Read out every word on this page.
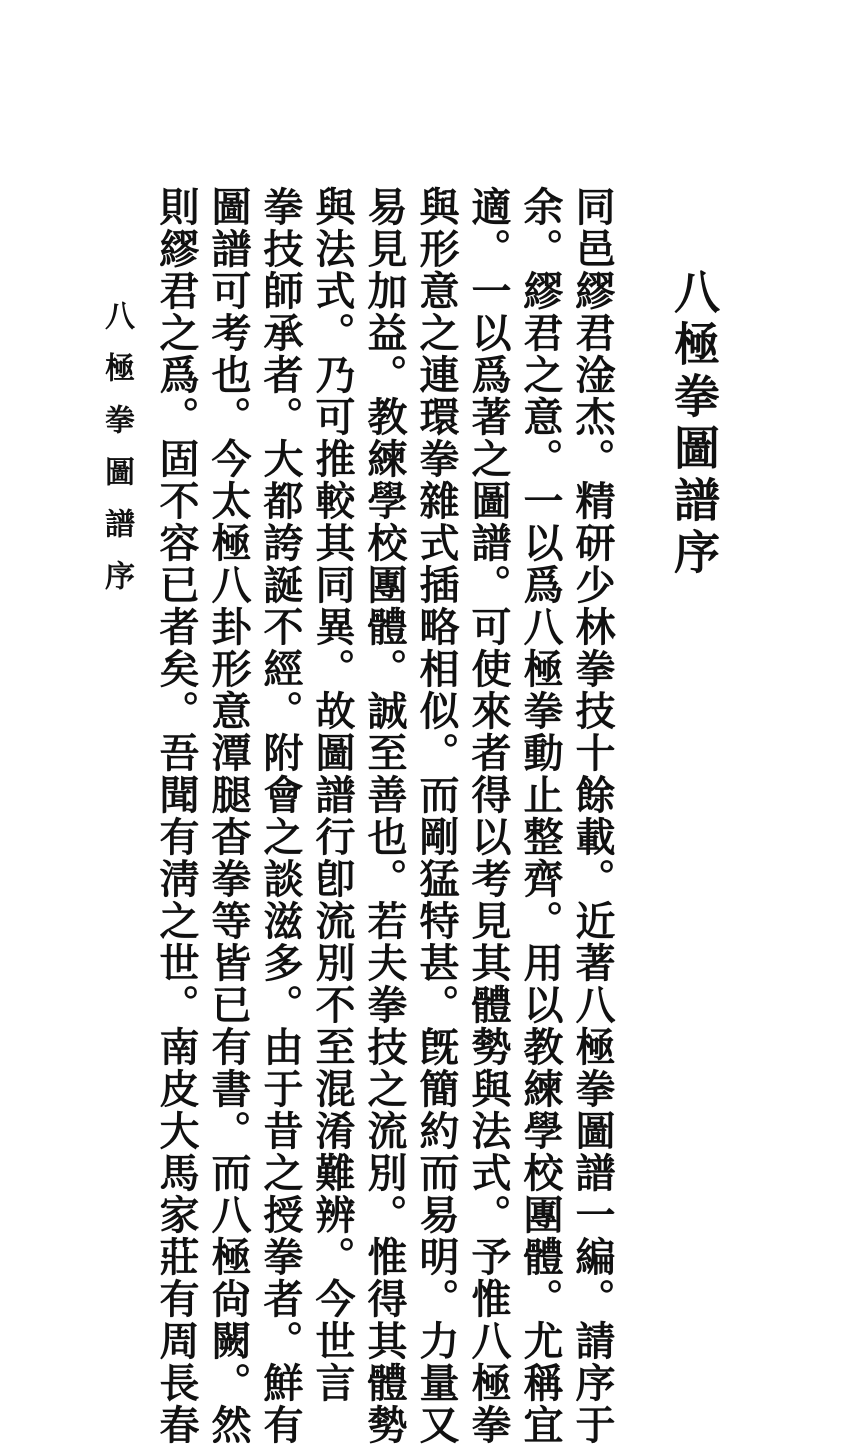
八極拳圖譜序
同邑繆君淦杰。精研少林拳技十餘載。近著八極拳圖譜一編。請序于
余。繆君之意。一以爲八極拳動止整齊。用以教練學校團體。尤稱宜
適。一以爲著之圖譜。可使來者得以考見其體勢與法式。予惟八極拳
與形意之連環拳雜式插略相似。而剛猛特甚。旣簡約而易明。力量又
易見加益。教練學校團體。誠至善也。若夫拳技之流別。惟得其體勢
與法式。乃可推較其同異。故圖譜行卽流別不至混淆難辨。今世言
拳技師承者。大都誇誕不經。附會之談滋多。由于昔之授拳者。鮮有
圖譜可考也。今太極八卦形意潭腿杳拳等皆已有書。而八極尙闕。然
則繆君之爲。固不容已者矣。吾聞有淸之世。南皮大馬家莊有周長春
八極拳圖譜序
